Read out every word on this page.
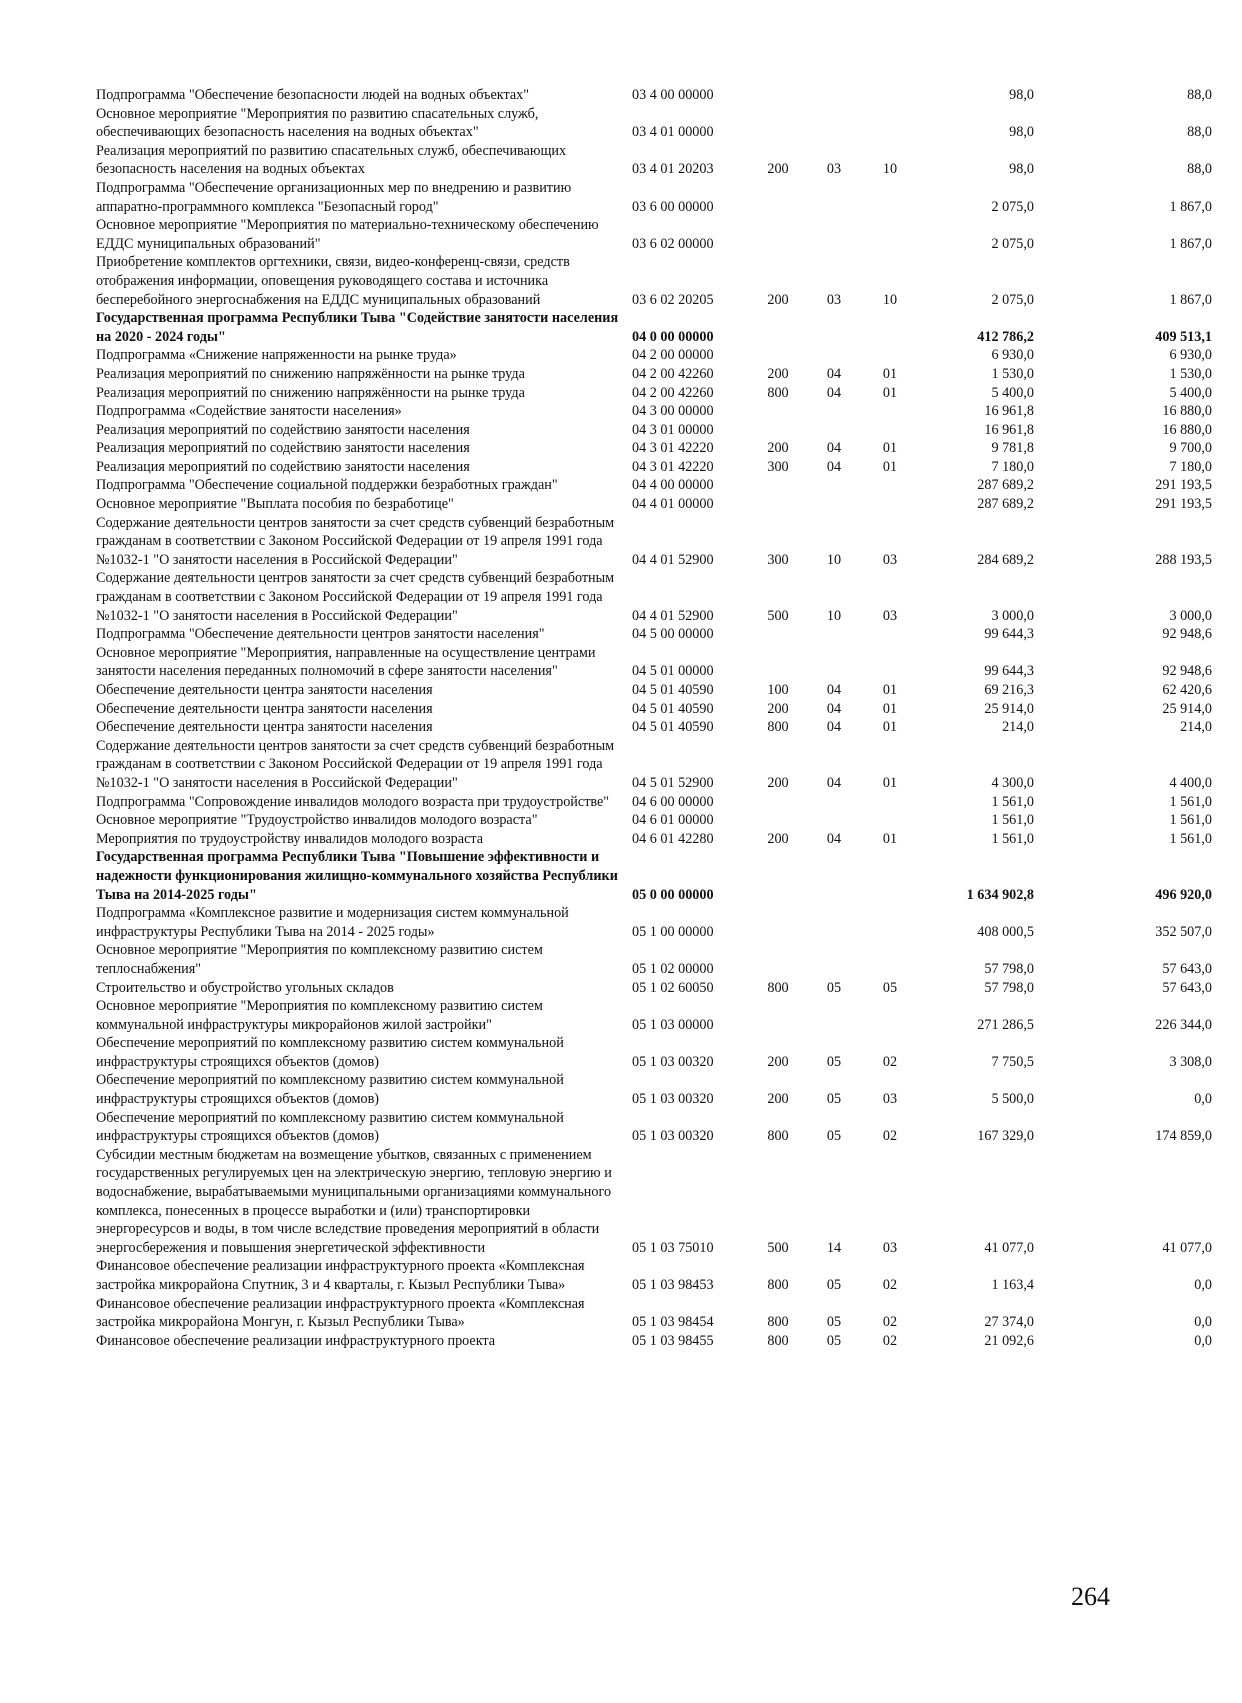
Подпрограмма "Обеспечение безопасности людей на водных объектах"	03 4 00 00000				98,0	88,0
Основное мероприятие "Мероприятия по развитию спасательных служб, обеспечивающих безопасность населения на водных объектах"	03 4 01 00000				98,0	88,0
Реализация мероприятий по развитию спасательных служб, обеспечивающих безопасность населения на водных объектах	03 4 01 20203	200	03	10	98,0	88,0
Подпрограмма "Обеспечение организационных мер по внедрению и развитию аппаратно-программного комплекса "Безопасный город"	03 6 00 00000				2 075,0	1 867,0
Основное мероприятие "Мероприятия по материально-техническому обеспечению ЕДДС муниципальных образований"	03 6 02 00000				2 075,0	1 867,0
Приобретение комплектов оргтехники, связи, видео-конференц-связи, средств отображения информации, оповещения руководящего состава и источника бесперебойного энергоснабжения на ЕДДС муниципальных образований	03 6 02 20205	200	03	10	2 075,0	1 867,0
Государственная программа Республики Тыва "Содействие занятости населения на 2020 - 2024 годы"	04 0 00 00000				412 786,2	409 513,1
Подпрограмма «Снижение напряженности на рынке труда»	04 2 00 00000				6 930,0	6 930,0
Реализация мероприятий по снижению напряжённости на рынке труда	04 2 00 42260	200	04	01	1 530,0	1 530,0
Реализация мероприятий по снижению напряжённости на рынке труда	04 2 00 42260	800	04	01	5 400,0	5 400,0
Подпрограмма «Содействие занятости населения»	04 3 00 00000				16 961,8	16 880,0
Реализация мероприятий по содействию занятости населения	04 3 01 00000				16 961,8	16 880,0
Реализация мероприятий по содействию занятости населения	04 3 01 42220	200	04	01	9 781,8	9 700,0
Реализация мероприятий по содействию занятости населения	04 3 01 42220	300	04	01	7 180,0	7 180,0
Подпрограмма "Обеспечение социальной поддержки безработных граждан"	04 4 00 00000				287 689,2	291 193,5
Основное мероприятие "Выплата пособия по безработице"	04 4 01 00000				287 689,2	291 193,5
Содержание деятельности центров занятости за счет средств субвенций безработным гражданам в соответствии с Законом Российской Федерации от 19 апреля 1991 года №1032-1 "О занятости населения в Российской Федерации"	04 4 01 52900	300	10	03	284 689,2	288 193,5
Содержание деятельности центров занятости за счет средств субвенций безработным гражданам в соответствии с Законом Российской Федерации от 19 апреля 1991 года №1032-1 "О занятости населения в Российской Федерации"	04 4 01 52900	500	10	03	3 000,0	3 000,0
Подпрограмма "Обеспечение деятельности центров занятости населения"	04 5 00 00000				99 644,3	92 948,6
Основное мероприятие "Мероприятия, направленные на осуществление центрами занятости населения переданных полномочий в сфере занятости населения"	04 5 01 00000				99 644,3	92 948,6
Обеспечение деятельности центра занятости населения	04 5 01 40590	100	04	01	69 216,3	62 420,6
Обеспечение деятельности центра занятости населения	04 5 01 40590	200	04	01	25 914,0	25 914,0
Обеспечение деятельности центра занятости населения	04 5 01 40590	800	04	01	214,0	214,0
Содержание деятельности центров занятости за счет средств субвенций безработным гражданам в соответствии с Законом Российской Федерации от 19 апреля 1991 года №1032-1 "О занятости населения в Российской Федерации"	04 5 01 52900	200	04	01	4 300,0	4 400,0
Подпрограмма "Сопровождение инвалидов молодого возраста при трудоустройстве"	04 6 00 00000				1 561,0	1 561,0
Основное мероприятие "Трудоустройство инвалидов молодого возраста"	04 6 01 00000				1 561,0	1 561,0
Мероприятия по трудоустройству инвалидов молодого возраста	04 6 01 42280	200	04	01	1 561,0	1 561,0
Государственная программа Республики Тыва "Повышение эффективности и надежности функционирования жилищно-коммунального хозяйства Республики Тыва на 2014-2025 годы"	05 0 00 00000				1 634 902,8	496 920,0
Подпрограмма «Комплексное развитие и модернизация систем коммунальной инфраструктуры Республики Тыва на 2014 - 2025 годы»	05 1 00 00000				408 000,5	352 507,0
Основное мероприятие "Мероприятия по комплексному развитию систем теплоснабжения"	05 1 02 00000				57 798,0	57 643,0
Строительство и обустройство угольных складов	05 1 02 60050	800	05	05	57 798,0	57 643,0
Основное мероприятие "Мероприятия по комплексному развитию систем коммунальной инфраструктуры микрорайонов жилой застройки"	05 1 03 00000				271 286,5	226 344,0
Обеспечение мероприятий по комплексному развитию систем коммунальной инфраструктуры строящихся объектов (домов)	05 1 03 00320	200	05	02	7 750,5	3 308,0
Обеспечение мероприятий по комплексному развитию систем коммунальной инфраструктуры строящихся объектов (домов)	05 1 03 00320	200	05	03	5 500,0	0,0
Обеспечение мероприятий по комплексному развитию систем коммунальной инфраструктуры строящихся объектов (домов)	05 1 03 00320	800	05	02	167 329,0	174 859,0
Субсидии местным бюджетам на возмещение убытков, связанных с применением государственных регулируемых цен на электрическую энергию, тепловую энергию и водоснабжение, вырабатываемыми муниципальными организациями коммунального комплекса, понесенных в процессе выработки и (или) транспортировки энергоресурсов и воды, в том числе вследствие проведения мероприятий в области энергосбережения и повышения энергетической эффективности	05 1 03 75010	500	14	03	41 077,0	41 077,0
Финансовое обеспечение реализации инфраструктурного проекта «Комплексная застройка микрорайона Спутник, 3 и 4 кварталы, г. Кызыл Республики Тыва»	05 1 03 98453	800	05	02	1 163,4	0,0
Финансовое обеспечение реализации инфраструктурного проекта «Комплексная застройка микрорайона Монгун, г. Кызыл Республики Тыва»	05 1 03 98454	800	05	02	27 374,0	0,0
Финансовое обеспечение реализации инфраструктурного проекта	05 1 03 98455	800	05	02	21 092,6	0,0
264
